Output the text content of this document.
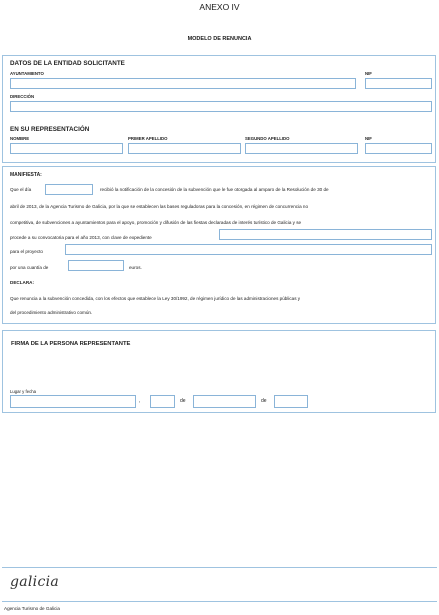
ANEXO IV
MODELO DE RENUNCIA
DATOS DE LA ENTIDAD SOLICITANTE
AYUNTAMIENTO	NIF
DIRECCIÓN
EN SU REPRESENTACIÓN
NOMBRE	PRIMER APELLIDO	SEGUNDO APELLIDO	NIF
MANIFIESTA:
Que el día	recibió la notificación de la concesión de la subvención que le fue otorgada al amparo de la Resolución de 30 de
abril de 2013, de la Agencia Turismo de Galicia, por la que se establecen las bases reguladoras para la concesión, en régimen de concurrencia no
competitiva, de subvenciones a ayuntamientos para el apoyo, promoción y difusión de las fiestas declaradas de interés turístico de Galicia y se
procede a su convocatoria para el año 2013, con clave de expediente
para el proyecto
por una cuantía de	euros.
DECLARA:
Que renuncia a la subvención concedida, con los efectos que establece la Ley 30/1992, de régimen jurídico de las administraciones públicas y
del procedimiento administrativo común.
FIRMA DE LA PERSONA REPRESENTANTE
Lugar y fecha
,	de	de
galicia
Agencia Turismo de Galicia
